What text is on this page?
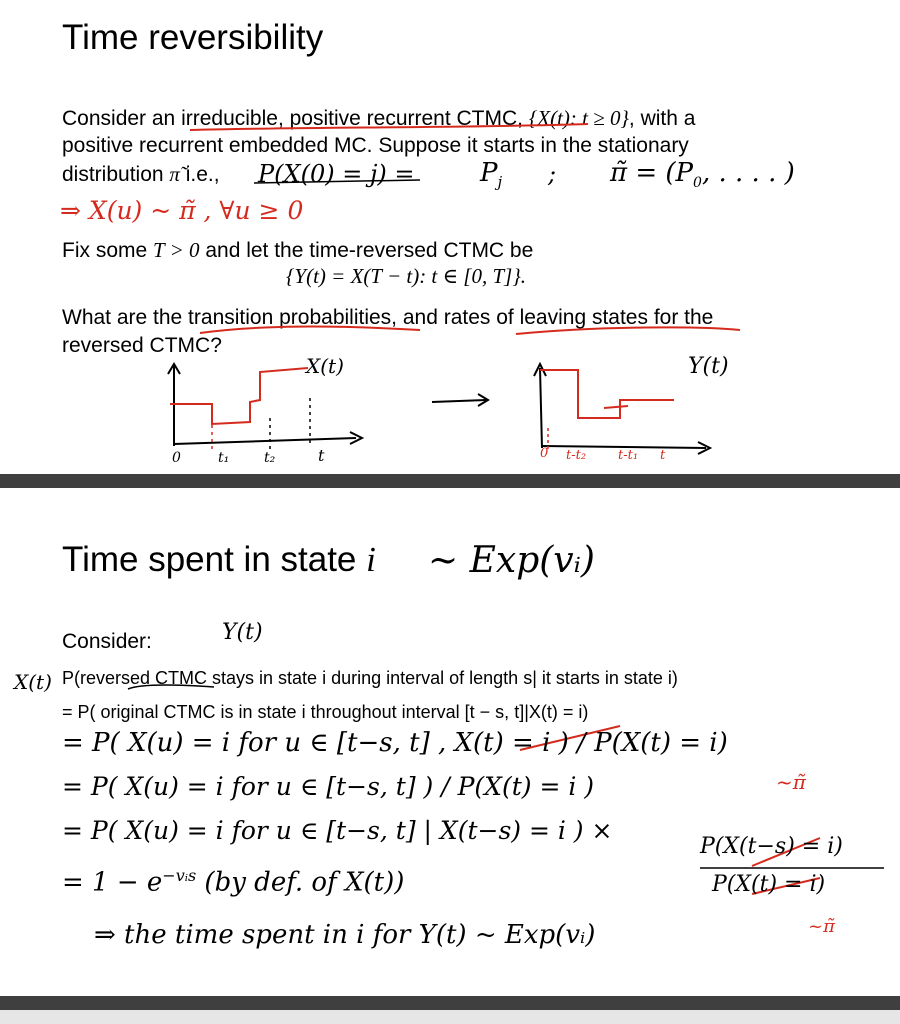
Time reversibility
Consider an irreducible, positive recurrent CTMC, {X(t): t ≥ 0}, with a
positive recurrent embedded MC. Suppose it starts in the stationary
distribution π̃ i.e., P(X(0) = j) =	$P_j$ ; π̃ = ($P_0$, . . . . )
⇒ X(u) ~ π̃ , ∀u ≥ 0
Fix some T > 0 and let the time-reversed CTMC be
{Y(t) = X(T − t): t ∈ [0, T]}.
What are the transition probabilities, and rates of leaving states for the
reversed CTMC?
X(t)
0	t₁ t₂	t
Y(t)
0 t-t₂ t-t₁ t
Time spent in state i ~ Exp(vᵢ)
Consider:	Y(t)
X(t) P(reversed CTMC stays in state i during interval of length s| it starts in state i)
= P( original CTMC is in state i throughout interval [t − s, t]|X(t) = i)
= P( X(u) = i for u ∈ [t−s, t] , X(t) = i ) / P(X(t) = i)
= P( X(u) = i for u ∈ [t−s, t] ) / P(X(t) = i )	~π̃
= P( X(u) = i for u ∈ [t−s, t] | X(t−s) = i ) ×
P(X(t−s) = i)
P(X(t) = i)
= $1 - e^{-vᵢs}$ (by def. of X(t))
⇒ the time spent in i for Y(t) ~ Exp(vᵢ)	~π̃
